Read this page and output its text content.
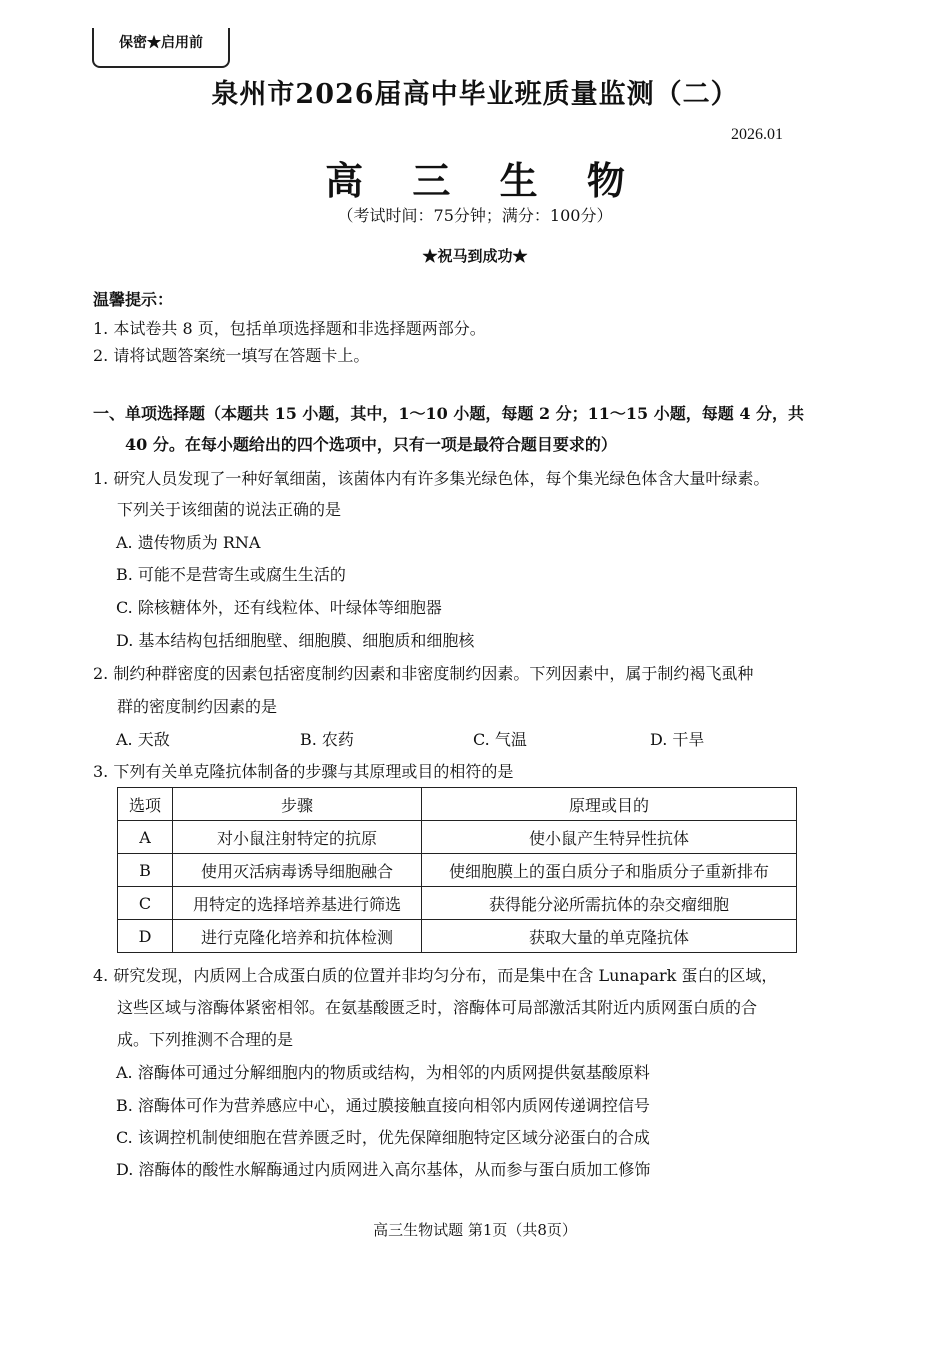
保密★启用前
泉州市2026届高中毕业班质量监测（二）
2026.01
高 三 生 物
（考试时间：75分钟；满分：100分）
★祝马到成功★
温馨提示：
1. 本试卷共 8 页，包括单项选择题和非选择题两部分。
2. 请将试题答案统一填写在答题卡上。
一、单项选择题（本题共 15 小题，其中，1～10 小题，每题 2 分；11～15 小题，每题 4 分，共
40 分。在每小题给出的四个选项中，只有一项是最符合题目要求的）
1. 研究人员发现了一种好氧细菌，该菌体内有许多集光绿色体，每个集光绿色体含大量叶绿素。
下列关于该细菌的说法正确的是
A. 遗传物质为 RNA
B. 可能不是营寄生或腐生生活的
C. 除核糖体外，还有线粒体、叶绿体等细胞器
D. 基本结构包括细胞壁、细胞膜、细胞质和细胞核
2. 制约种群密度的因素包括密度制约因素和非密度制约因素。下列因素中，属于制约褐飞虱种
群的密度制约因素的是
A. 天敌	B. 农药	C. 气温	D. 干旱
3. 下列有关单克隆抗体制备的步骤与其原理或目的相符的是
选项	步骤	原理或目的
A	对小鼠注射特定的抗原	使小鼠产生特异性抗体
B	使用灭活病毒诱导细胞融合	使细胞膜上的蛋白质分子和脂质分子重新排布
C	用特定的选择培养基进行筛选	获得能分泌所需抗体的杂交瘤细胞
D	进行克隆化培养和抗体检测	获取大量的单克隆抗体
4. 研究发现，内质网上合成蛋白质的位置并非均匀分布，而是集中在含 Lunapark 蛋白的区域，
这些区域与溶酶体紧密相邻。在氨基酸匮乏时，溶酶体可局部激活其附近内质网蛋白质的合
成。下列推测不合理的是
A. 溶酶体可通过分解细胞内的物质或结构，为相邻的内质网提供氨基酸原料
B. 溶酶体可作为营养感应中心，通过膜接触直接向相邻内质网传递调控信号
C. 该调控机制使细胞在营养匮乏时，优先保障细胞特定区域分泌蛋白的合成
D. 溶酶体的酸性水解酶通过内质网进入高尔基体，从而参与蛋白质加工修饰
高三生物试题 第1页（共8页）
